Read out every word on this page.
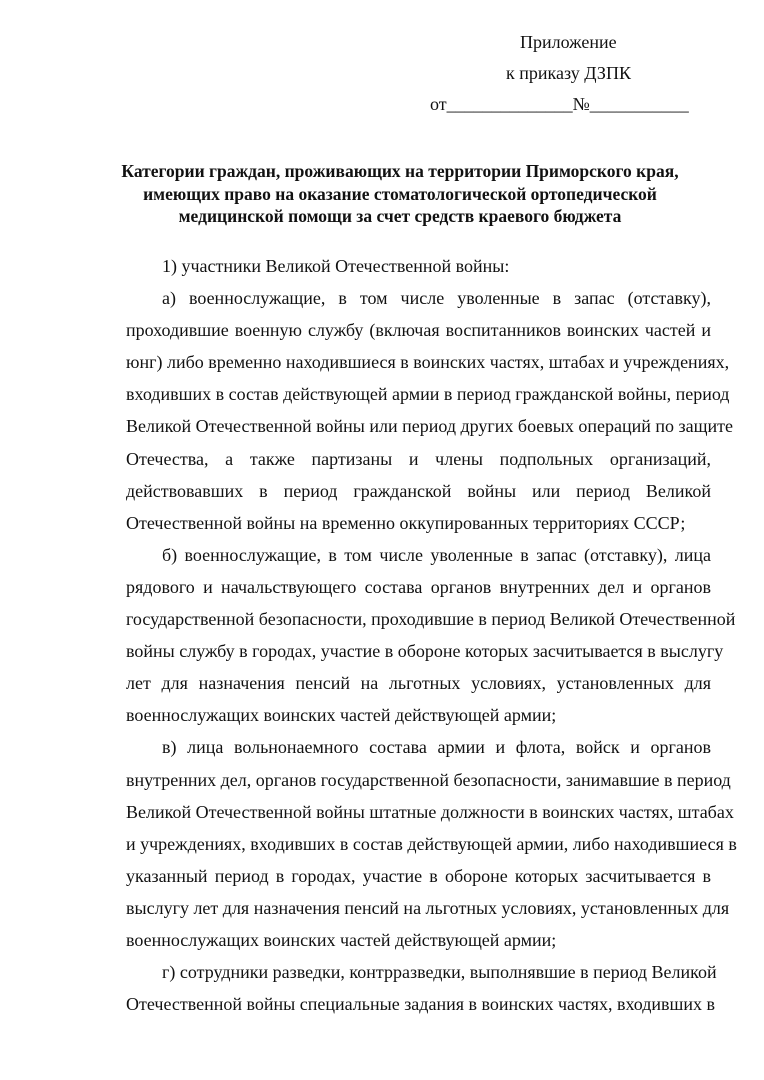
Приложение
к приказу ДЗПК
от______________№___________
Категории граждан, проживающих на территории Приморского края,
имеющих право на оказание стоматологической ортопедической
медицинской помощи за счет средств краевого бюджета
1) участники Великой Отечественной войны:
а) военнослужащие, в том числе уволенные в запас (отставку),
проходившие военную службу (включая воспитанников воинских частей и
юнг) либо временно находившиеся в воинских частях, штабах и учреждениях,
входивших в состав действующей армии в период гражданской войны, период
Великой Отечественной войны или период других боевых операций по защите
Отечества, а также партизаны и члены подпольных организаций,
действовавших в период гражданской войны или период Великой
Отечественной войны на временно оккупированных территориях СССР;
б) военнослужащие, в том числе уволенные в запас (отставку), лица
рядового и начальствующего состава органов внутренних дел и органов
государственной безопасности, проходившие в период Великой Отечественной
войны службу в городах, участие в обороне которых засчитывается в выслугу
лет для назначения пенсий на льготных условиях, установленных для
военнослужащих воинских частей действующей армии;
в) лица вольнонаемного состава армии и флота, войск и органов
внутренних дел, органов государственной безопасности, занимавшие в период
Великой Отечественной войны штатные должности в воинских частях, штабах
и учреждениях, входивших в состав действующей армии, либо находившиеся в
указанный период в городах, участие в обороне которых засчитывается в
выслугу лет для назначения пенсий на льготных условиях, установленных для
военнослужащих воинских частей действующей армии;
г) сотрудники разведки, контрразведки, выполнявшие в период Великой
Отечественной войны специальные задания в воинских частях, входивших в
